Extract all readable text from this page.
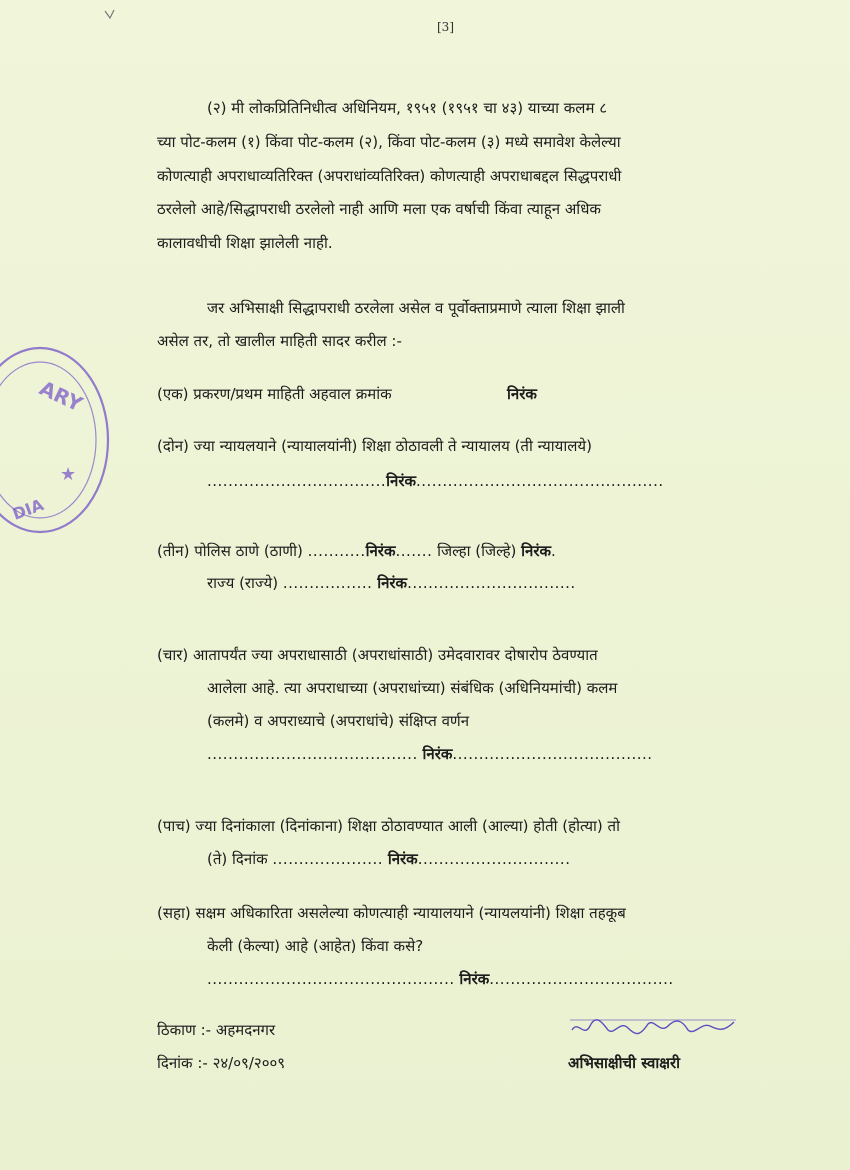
[3]
(२) मी लोकप्रितिनिधीत्व अधिनियम, १९५१ (१९५१ चा ४३) याच्या कलम ८
च्या पोट-कलम (१) किंवा पोट-कलम (२), किंवा पोट-कलम (३) मध्ये समावेश केलेल्या
कोणत्याही अपराधाव्यतिरिक्त (अपराधांव्यतिरिक्त) कोणत्याही अपराधाबद्दल सिद्धपराधी
ठरलेलो आहे/सिद्धापराधी ठरलेलो नाही आणि मला एक वर्षाची किंवा त्याहून अधिक
कालावधीची शिक्षा झालेली नाही.
जर अभिसाक्षी सिद्धापराधी ठरलेला असेल व पूर्वोक्ताप्रमाणे त्याला शिक्षा झाली
असेल तर, तो खालील माहिती सादर करील :-
(एक) प्रकरण/प्रथम माहिती अहवाल क्रमांक	निरंक
(दोन) ज्या न्यायलयाने (न्यायालयांनी) शिक्षा ठोठावली ते न्यायालय (ती न्यायालये)
..................................निरंक...............................................
(तीन) पोलिस ठाणे (ठाणी) ...........निरंक....... जिल्हा (जिल्हे) निरंक.
राज्य (राज्ये) ................. निरंक................................
(चार) आतापर्यंत ज्या अपराधासाठी (अपराधांसाठी) उमेदवारावर दोषारोप ठेवण्यात
आलेला आहे. त्या अपराधाच्या (अपराधांच्या) संबंधिक (अधिनियमांची) कलम
(कलमे) व अपराध्याचे (अपराधांचे) संक्षिप्त वर्णन
........................................ निरंक......................................
(पाच) ज्या दिनांकाला (दिनांकाना) शिक्षा ठोठावण्यात आली (आल्या) होती (होत्या) तो
(ते) दिनांक ..................... निरंक.............................
(सहा) सक्षम अधिकारिता असलेल्या कोणत्याही न्यायालयाने (न्यायलयांनी) शिक्षा तहकूब
केली (केल्या) आहे (आहेत) किंवा कसे?
............................................... निरंक...................................
ठिकाण :- अहमदनगर
दिनांक :- २४/०९/२००९	अभिसाक्षीची स्वाक्षरी
ARY
★
DIA
